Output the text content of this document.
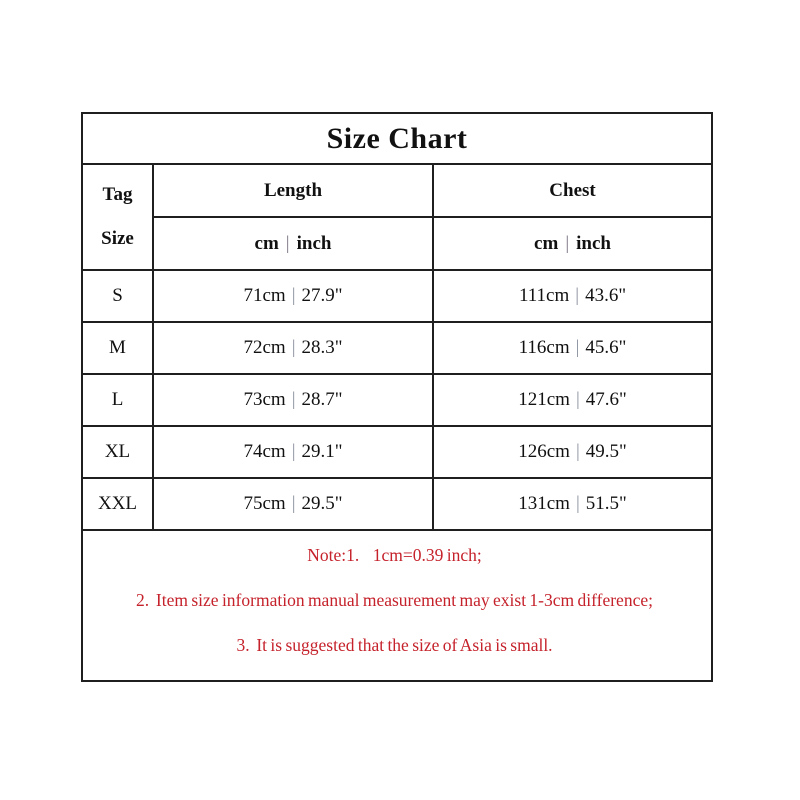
Size Chart		

Tag
Size	Length	Chest
	cm | inch	cm | inch
S	71cm | 27.9"	111cm | 43.6"
M	72cm | 28.3"	116cm | 45.6"
L	73cm | 28.7"	121cm | 47.6"
XL	74cm | 29.1"	126cm | 49.5"
XXL	75cm | 29.5"	131cm | 51.5"

Note:1.    1cm=0.39 inch;
2.  Item size information manual measurement may exist 1-3cm difference;
3.  It is suggested that the size of Asia is small.		
